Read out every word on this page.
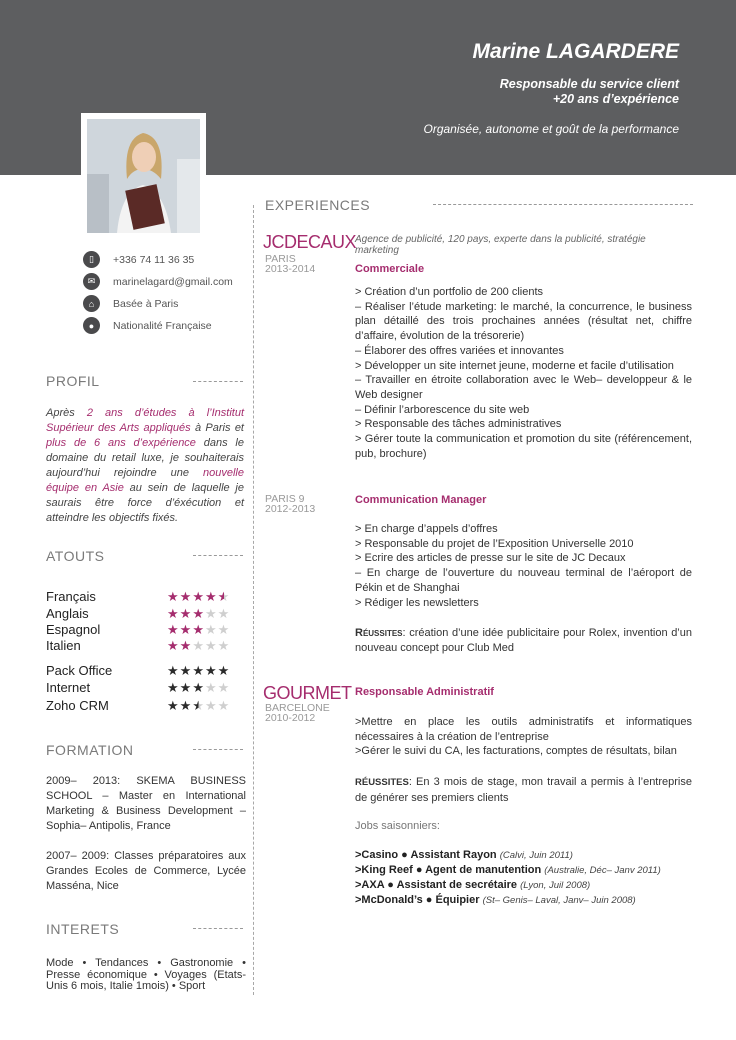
Marine LAGARDERE
Responsable du service client
+20 ans d’expérience
Organisée, autonome et goût de la performance
▯	+336 74 11 36 35
✉	marinelagard@gmail.com
⌂	Basée à Paris
●	Nationalité Française
PROFIL
Après 2 ans d’études à l’Institut Supérieur des Arts appliqués à Paris et plus de 6 ans d’expérience dans le domaine du retail luxe, je souhaiterais aujourd’hui rejoindre une nouvelle équipe en Asie au sein de laquelle je saurais être force d’éxécution et atteindre les objectifs fixés.
ATOUTS
Français	★★★★★
Anglais	★★★★★
Espagnol	★★★★★
Italien	★★★★★
Pack Office	★★★★★
Internet	★★★★★
Zoho CRM	★★★★★
FORMATION
2009– 2013: SKEMA BUSINESS SCHOOL – Master en International Marketing & Business Development – Sophia– Antipolis, France
2007– 2009: Classes préparatoires aux Grandes Ecoles de Commerce, Lycée Masséna, Nice
INTERETS
Mode • Tendances • Gastronomie • Presse économique • Voyages (Etats-Unis 6 mois, Italie 1mois) • Sport
EXPERIENCES
JCDECAUX
Agence de publicité, 120 pays, experte dans la publicité, stratégie marketing
PARIS
2013-2014	Commerciale
> Création d’un portfolio de 200 clients
– Réaliser l’étude marketing: le marché, la concurrence, le business plan détaillé des trois prochaines années (résultat net, chiffre d’affaire, évolution de la trésorerie)
– Élaborer des offres variées et innovantes
> Développer un site internet jeune, moderne et facile d’utilisation
– Travailler en étroite collaboration avec le Web– developpeur & le Web designer
– Définir l’arborescence du site web
> Responsable des tâches administratives
> Gérer toute la communication et promotion du site (référencement, pub, brochure)
PARIS 9
2012-2013
Communication Manager
> En charge d’appels d’offres
> Responsable du projet de l’Exposition Universelle 2010
> Ecrire des articles de presse sur le site de JC Decaux
– En charge de l’ouverture du nouveau terminal de l’aéroport de Pékin et de Shanghai
> Rédiger les newsletters
Réussites: création d’une idée publicitaire pour Rolex, invention d’un nouveau concept pour Club Med
GOURMET
BARCELONE
2010-2012
Responsable Administratif
>Mettre en place les outils administratifs et informatiques nécessaires à la création de l’entreprise
>Gérer le suivi du CA, les facturations, comptes de résultats, bilan
RÉUSSITES: En 3 mois de stage, mon travail a permis à l’entreprise de générer ses premiers clients
Jobs saisonniers:
>Casino ● Assistant Rayon (Calvi, Juin 2011)
>King Reef ● Agent de manutention (Australie, Déc– Janv 2011)
>AXA ● Assistant de secrétaire (Lyon, Juil 2008)
>McDonald’s ● Équipier (St– Genis– Laval, Janv– Juin 2008)
